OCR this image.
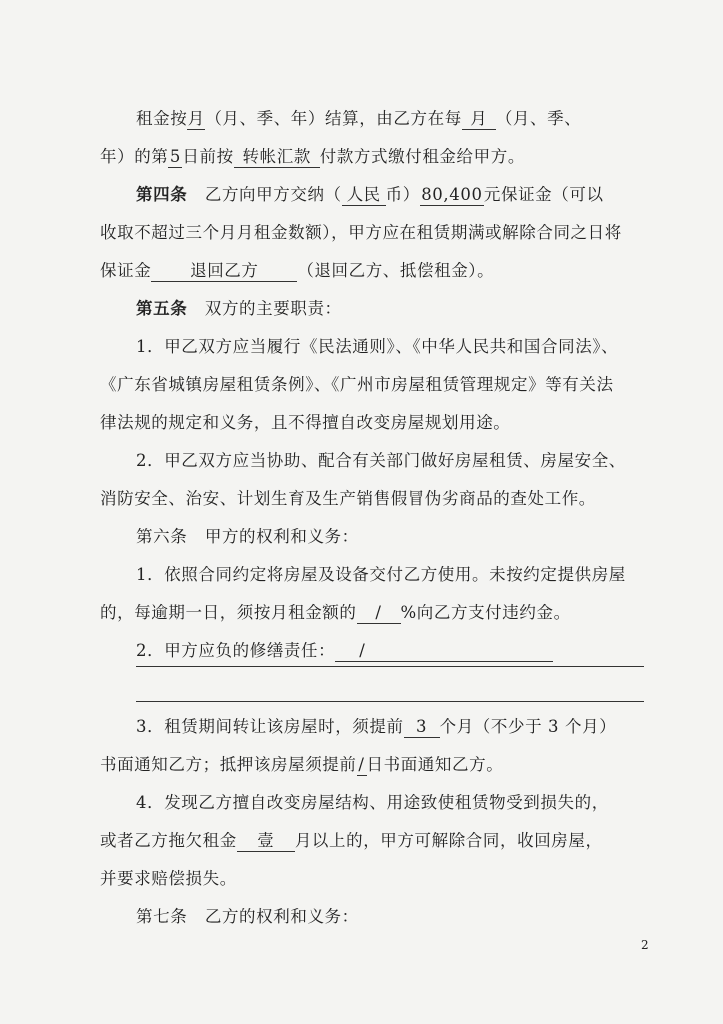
租金按月（月、季、年）结算，由乙方在每 月 （月、季、
年）的第5日前按 转帐汇款 付款方式缴付租金给甲方。
第四条 乙方向甲方交纳（ 人民 币）80,400元保证金（可以
收取不超过三个月月租金数额），甲方应在租赁期满或解除合同之日将
保证金 退回乙方 （退回乙方、抵偿租金）。
第五条 双方的主要职责：
1．甲乙双方应当履行《民法通则》、《中华人民共和国合同法》、
《广东省城镇房屋租赁条例》、《广州市房屋租赁管理规定》等有关法
律法规的规定和义务，且不得擅自改变房屋规划用途。
2．甲乙双方应当协助、配合有关部门做好房屋租赁、房屋安全、
消防安全、治安、计划生育及生产销售假冒伪劣商品的查处工作。
第六条 甲方的权利和义务：
1．依照合同约定将房屋及设备交付乙方使用。未按约定提供房屋
的，每逾期一日，须按月租金额的 / %向乙方支付违约金。
2．甲方应负的修缮责任： /
3．租赁期间转让该房屋时，须提前 3 个月（不少于 3 个月）
书面通知乙方；抵押该房屋须提前 / 日书面通知乙方。
4．发现乙方擅自改变房屋结构、用途致使租赁物受到损失的，
或者乙方拖欠租金 壹 月以上的，甲方可解除合同，收回房屋，
并要求赔偿损失。
第七条 乙方的权利和义务：
2
